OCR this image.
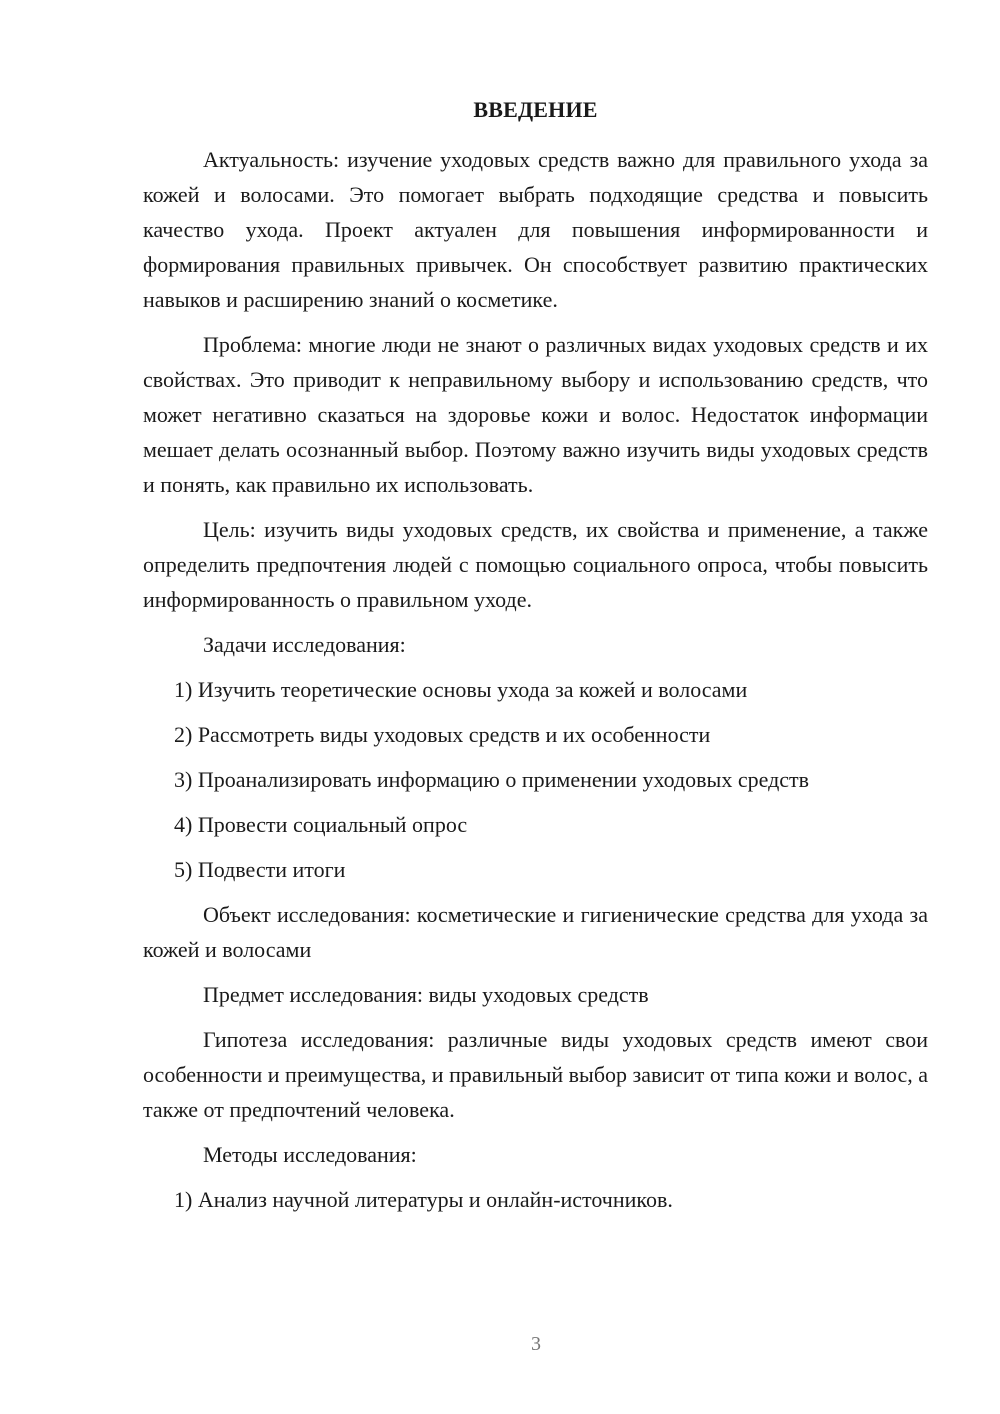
ВВЕДЕНИЕ
Актуальность: изучение уходовых средств важно для правильного ухода за кожей и волосами. Это помогает выбрать подходящие средства и повысить качество ухода. Проект актуален для повышения информированности и формирования правильных привычек. Он способствует развитию практических навыков и расширению знаний о косметике.
Проблема: многие люди не знают о различных видах уходовых средств и их свойствах. Это приводит к неправильному выбору и использованию средств, что может негативно сказаться на здоровье кожи и волос. Недостаток информации мешает делать осознанный выбор. Поэтому важно изучить виды уходовых средств и понять, как правильно их использовать.
Цель: изучить виды уходовых средств, их свойства и применение, а также определить предпочтения людей с помощью социального опроса, чтобы повысить информированность о правильном уходе.
Задачи исследования:
1) Изучить теоретические основы ухода за кожей и волосами
2) Рассмотреть виды уходовых средств и их особенности
3) Проанализировать информацию о применении уходовых средств
4) Провести социальный опрос
5) Подвести итоги
Объект исследования: косметические и гигиенические средства для ухода за кожей и волосами
Предмет исследования: виды уходовых средств
Гипотеза исследования: различные виды уходовых средств имеют свои особенности и преимущества, и правильный выбор зависит от типа кожи и волос, а также от предпочтений человека.
Методы исследования:
1) Анализ научной литературы и онлайн-источников.
3
